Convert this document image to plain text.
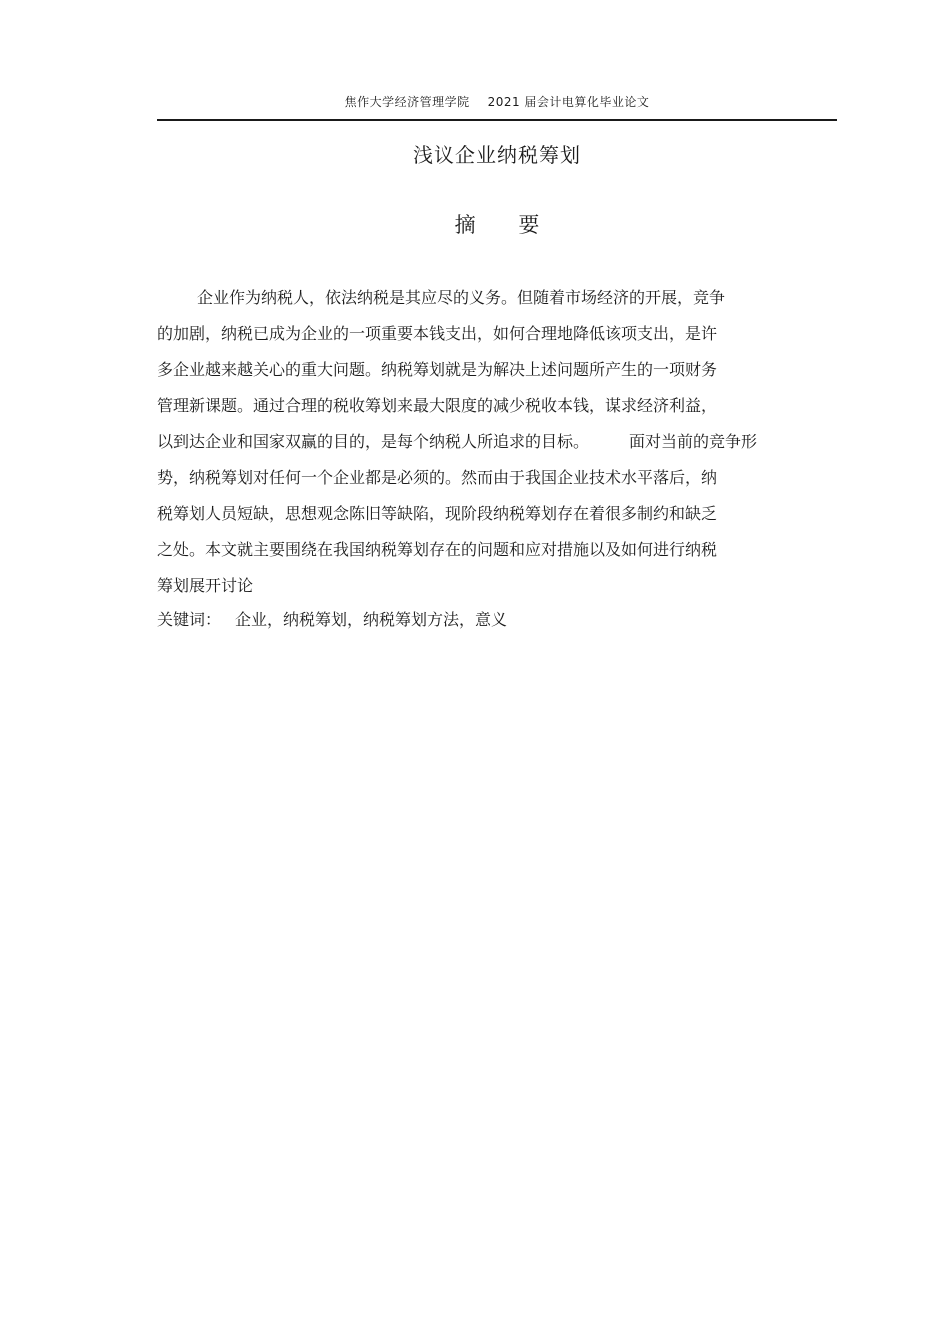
焦作大学经济管理学院 2021 届会计电算化毕业论文
浅议企业纳税筹划
摘 要
企业作为纳税人，依法纳税是其应尽的义务。但随着市场经济的开展，竞争
的加剧，纳税已成为企业的一项重要本钱支出，如何合理地降低该项支出，是许
多企业越来越关心的重大问题。纳税筹划就是为解决上述问题所产生的一项财务
管理新课题。通过合理的税收筹划来最大限度的减少税收本钱，谋求经济利益，
以到达企业和国家双赢的目的，是每个纳税人所追求的目标。	面对当前的竞争形
势，纳税筹划对任何一个企业都是必须的。然而由于我国企业技术水平落后，纳
税筹划人员短缺，思想观念陈旧等缺陷，现阶段纳税筹划存在着很多制约和缺乏
之处。本文就主要围绕在我国纳税筹划存在的问题和应对措施以及如何进行纳税
筹划展开讨论
关键词： 企业，纳税筹划，纳税筹划方法，意义
